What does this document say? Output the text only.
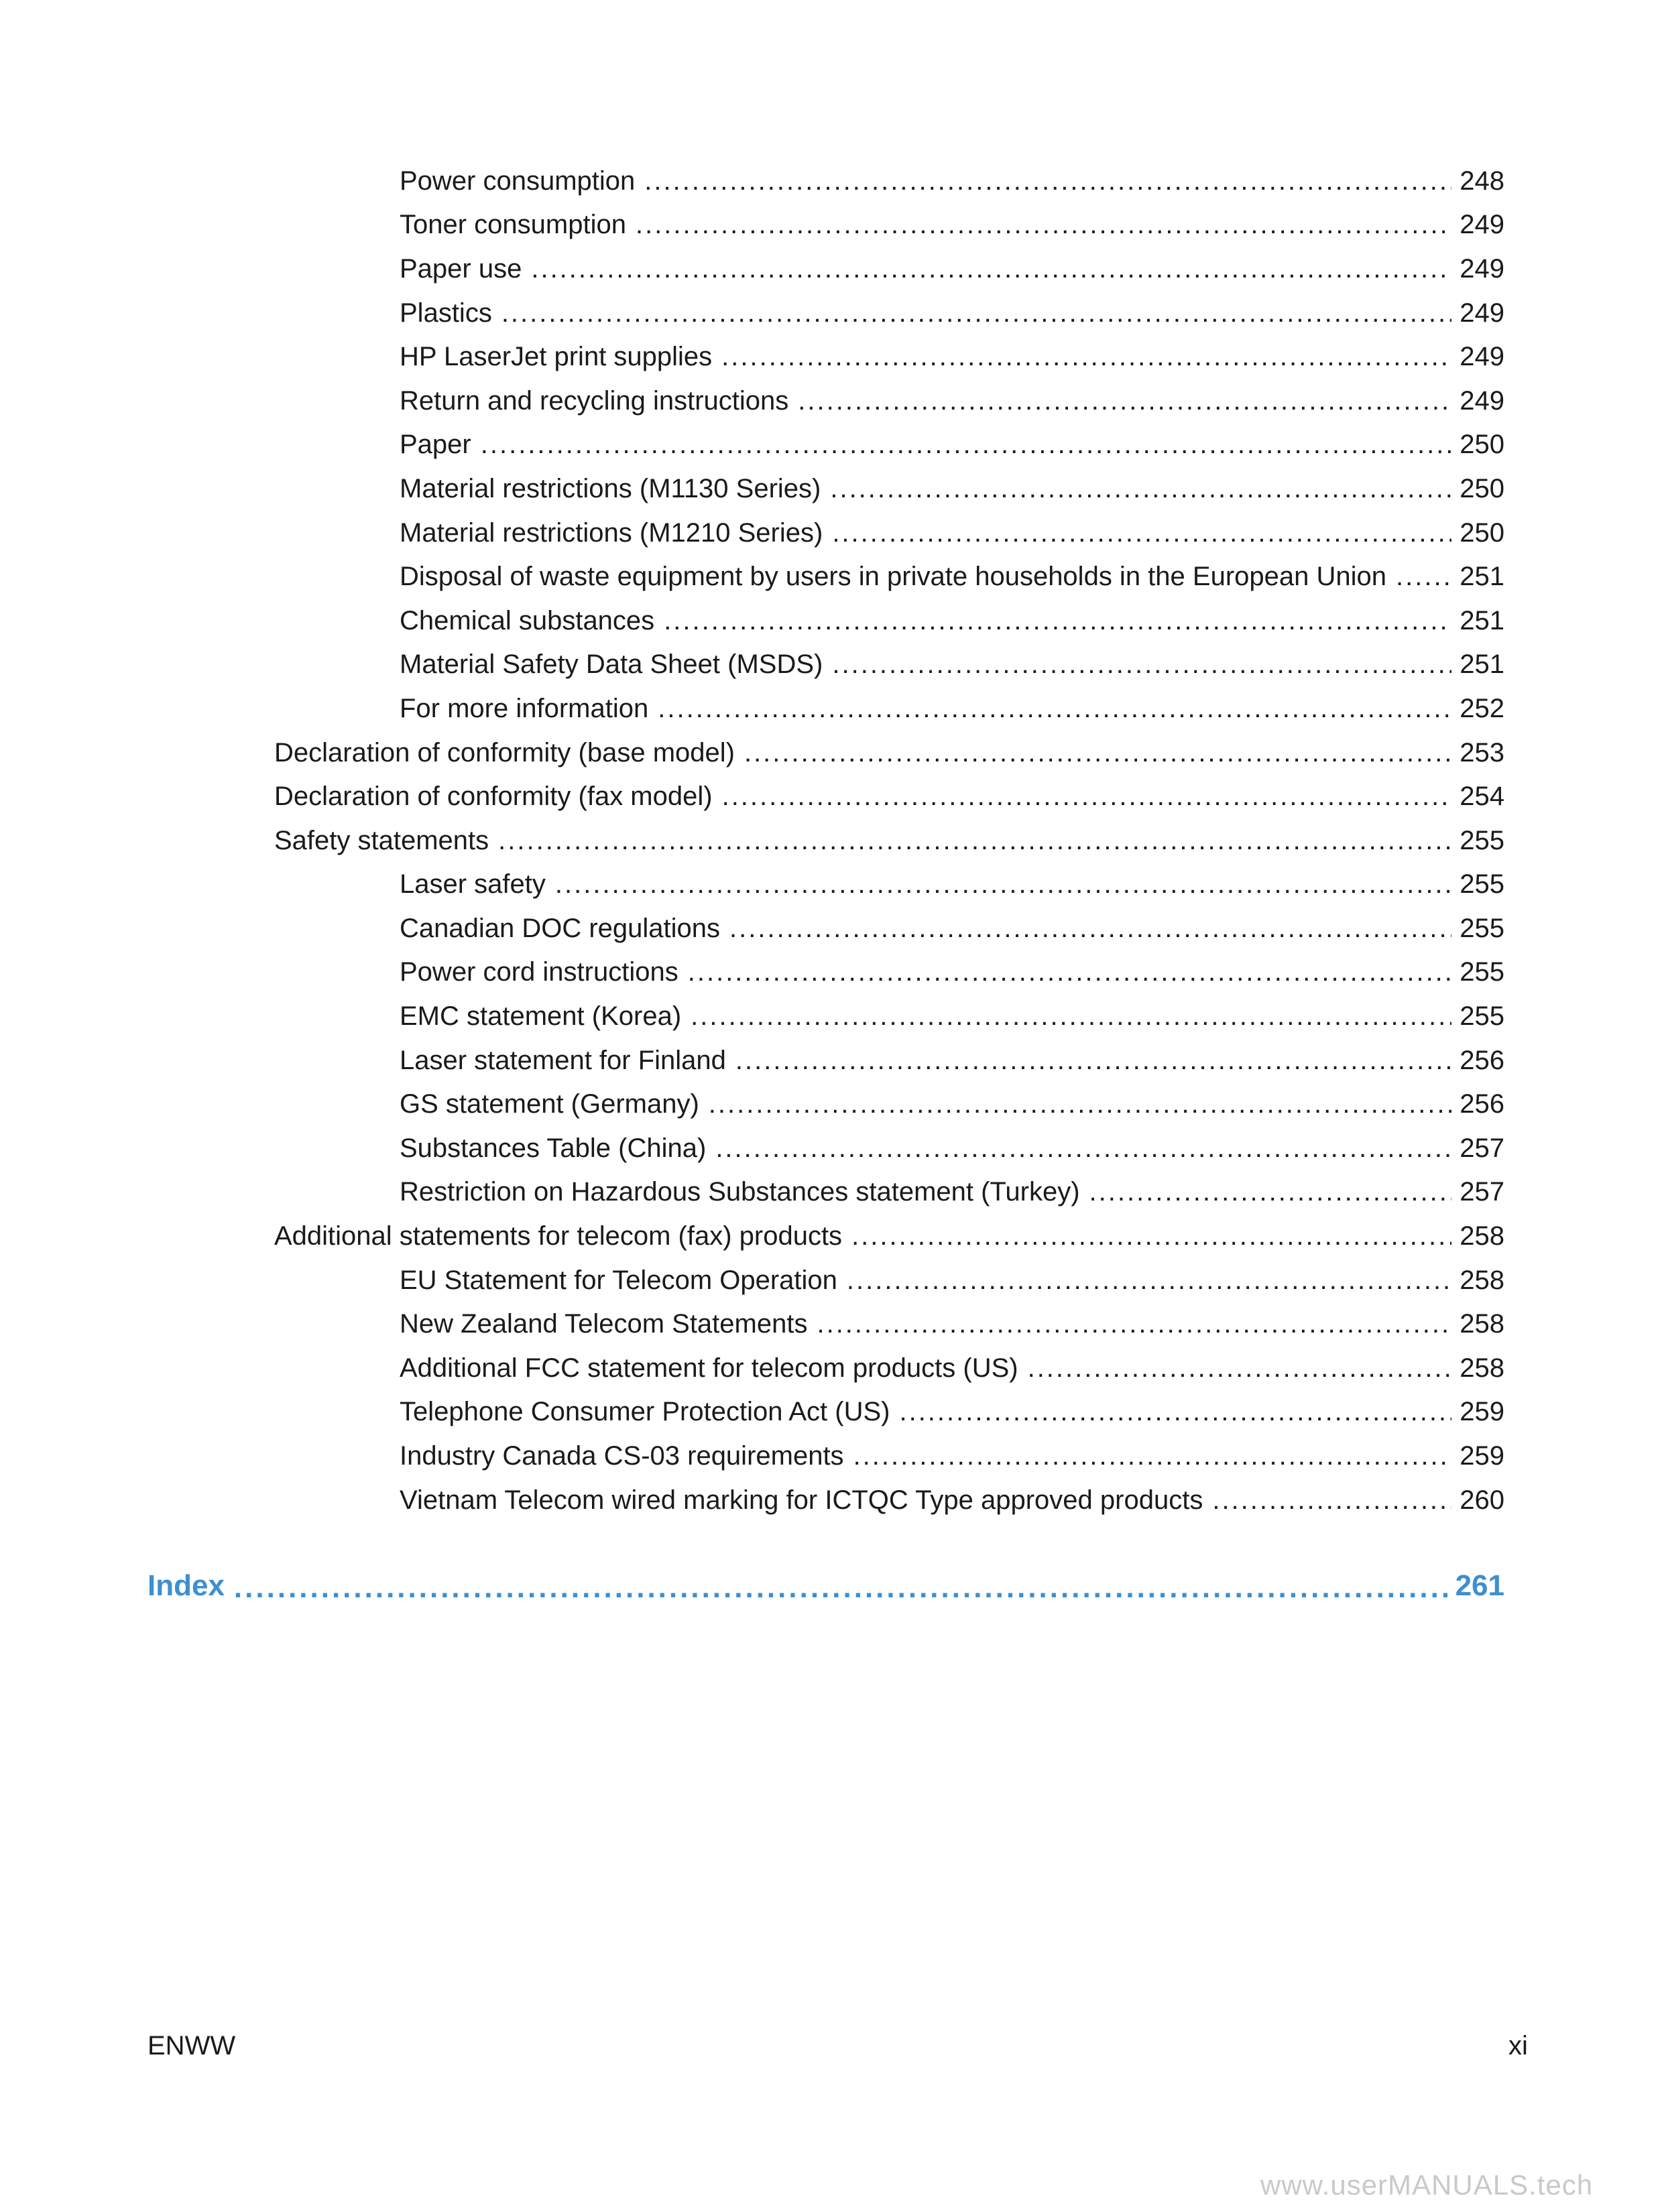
Power consumption .....	248
Toner consumption .....	249
Paper use .....	249
Plastics .....	249
HP LaserJet print supplies .....	249
Return and recycling instructions .....	249
Paper .....	250
Material restrictions (M1130 Series) .....	250
Material restrictions (M1210 Series) .....	250
Disposal of waste equipment by users in private households in the European Union .....	251
Chemical substances .....	251
Material Safety Data Sheet (MSDS) .....	251
For more information .....	252
Declaration of conformity (base model) .....	253
Declaration of conformity (fax model) .....	254
Safety statements .....	255
Laser safety .....	255
Canadian DOC regulations .....	255
Power cord instructions .....	255
EMC statement (Korea) .....	255
Laser statement for Finland .....	256
GS statement (Germany) .....	256
Substances Table (China) .....	257
Restriction on Hazardous Substances statement (Turkey) .....	257
Additional statements for telecom (fax) products .....	258
EU Statement for Telecom Operation .....	258
New Zealand Telecom Statements .....	258
Additional FCC statement for telecom products (US) .....	258
Telephone Consumer Protection Act (US) .....	259
Industry Canada CS-03 requirements .....	259
Vietnam Telecom wired marking for ICTQC Type approved products .....	260
Index .....	261
ENWW	xi
www.userMANUALS.tech
